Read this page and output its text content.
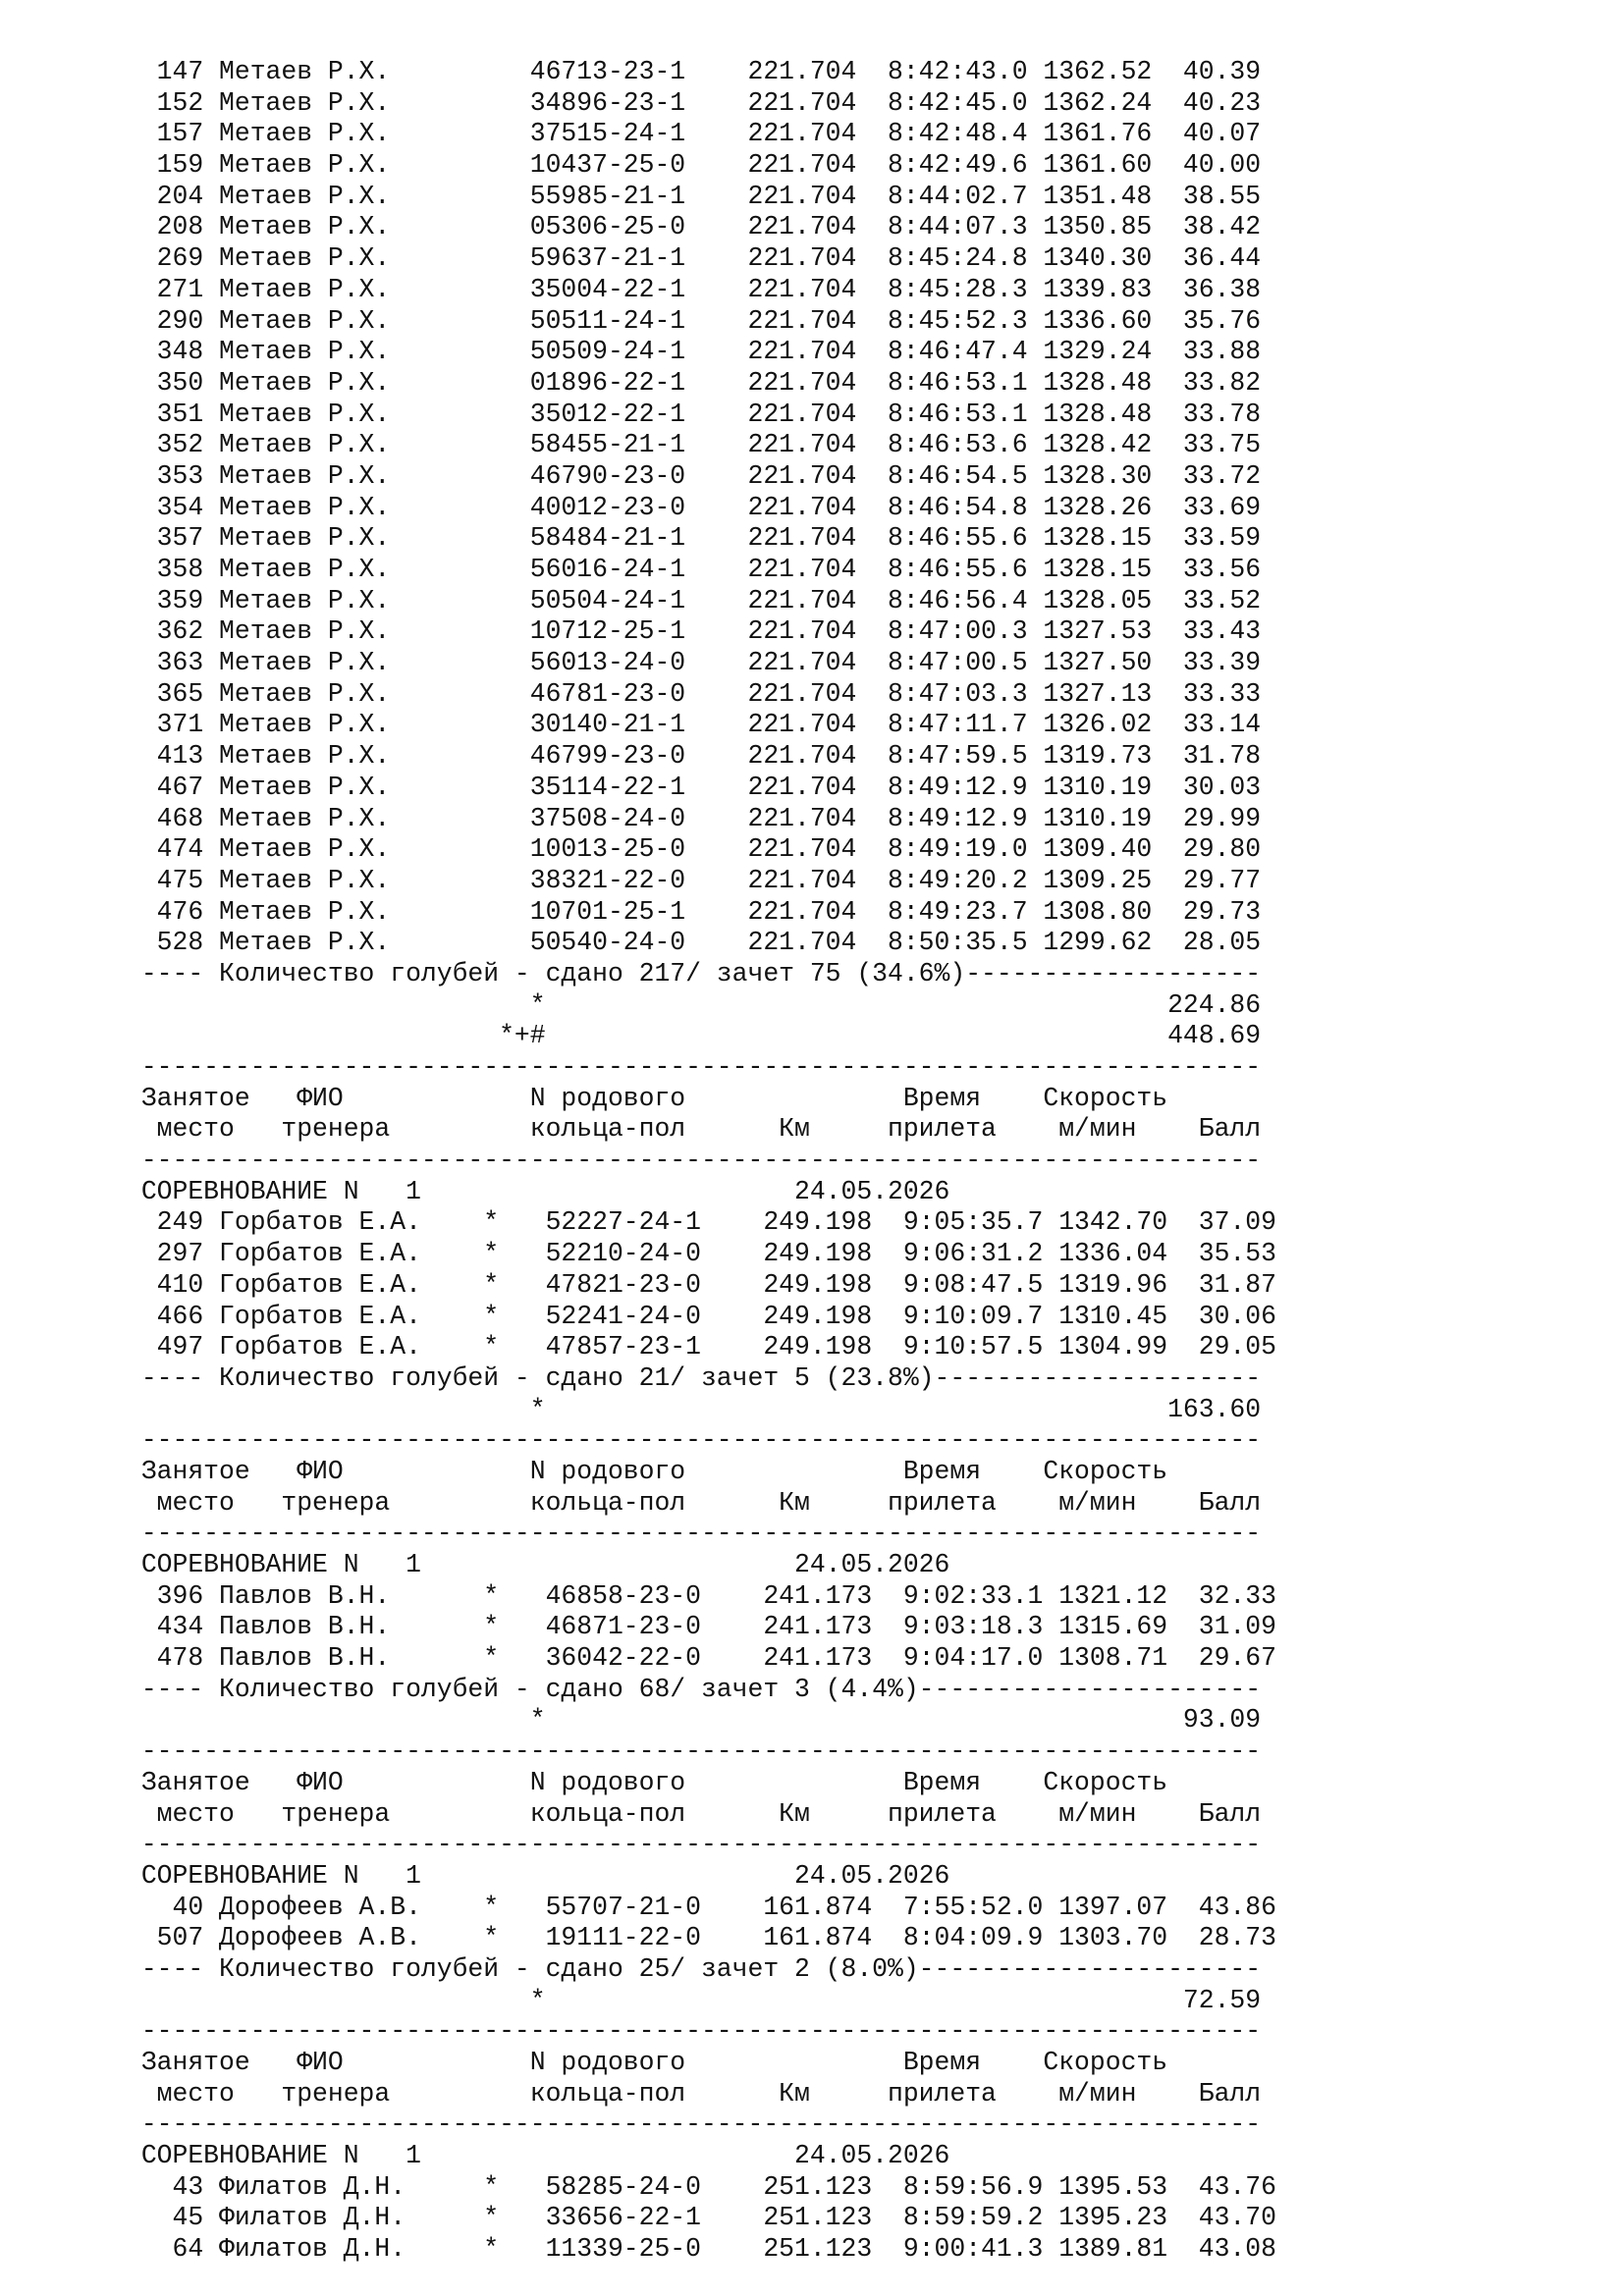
147 Метаев Р.Х.         46713-23-1    221.704  8:42:43.0 1362.52  40.39
152 Метаев Р.Х.         34896-23-1    221.704  8:42:45.0 1362.24  40.23
157 Метаев Р.Х.         37515-24-1    221.704  8:42:48.4 1361.76  40.07
159 Метаев Р.Х.         10437-25-0    221.704  8:42:49.6 1361.60  40.00
204 Метаев Р.Х.         55985-21-1    221.704  8:44:02.7 1351.48  38.55
208 Метаев Р.Х.         05306-25-0    221.704  8:44:07.3 1350.85  38.42
269 Метаев Р.Х.         59637-21-1    221.704  8:45:24.8 1340.30  36.44
271 Метаев Р.Х.         35004-22-1    221.704  8:45:28.3 1339.83  36.38
290 Метаев Р.Х.         50511-24-1    221.704  8:45:52.3 1336.60  35.76
348 Метаев Р.Х.         50509-24-1    221.704  8:46:47.4 1329.24  33.88
350 Метаев Р.Х.         01896-22-1    221.704  8:46:53.1 1328.48  33.82
351 Метаев Р.Х.         35012-22-1    221.704  8:46:53.1 1328.48  33.78
352 Метаев Р.Х.         58455-21-1    221.704  8:46:53.6 1328.42  33.75
353 Метаев Р.Х.         46790-23-0    221.704  8:46:54.5 1328.30  33.72
354 Метаев Р.Х.         40012-23-0    221.704  8:46:54.8 1328.26  33.69
357 Метаев Р.Х.         58484-21-1    221.704  8:46:55.6 1328.15  33.59
358 Метаев Р.Х.         56016-24-1    221.704  8:46:55.6 1328.15  33.56
359 Метаев Р.Х.         50504-24-1    221.704  8:46:56.4 1328.05  33.52
362 Метаев Р.Х.         10712-25-1    221.704  8:47:00.3 1327.53  33.43
363 Метаев Р.Х.         56013-24-0    221.704  8:47:00.5 1327.50  33.39
365 Метаев Р.Х.         46781-23-0    221.704  8:47:03.3 1327.13  33.33
371 Метаев Р.Х.         30140-21-1    221.704  8:47:11.7 1326.02  33.14
413 Метаев Р.Х.         46799-23-0    221.704  8:47:59.5 1319.73  31.78
467 Метаев Р.Х.         35114-22-1    221.704  8:49:12.9 1310.19  30.03
468 Метаев Р.Х.         37508-24-0    221.704  8:49:12.9 1310.19  29.99
474 Метаев Р.Х.         10013-25-0    221.704  8:49:19.0 1309.40  29.80
475 Метаев Р.Х.         38321-22-0    221.704  8:49:20.2 1309.25  29.77
476 Метаев Р.Х.         10701-25-1    221.704  8:49:23.7 1308.80  29.73
528 Метаев Р.Х.         50540-24-0    221.704  8:50:35.5 1299.62  28.05
---- Количество голубей - сдано 217/ зачет 75 (34.6%)-------------------
*                                        224.86
*+#                                        448.69
------------------------------------------------------------------------
Занятое   ФИО            N родового              Время    Скорость
место   тренера         кольца-пол      Км     прилета    м/мин    Балл
------------------------------------------------------------------------
СОРЕВНОВАНИЕ N   1                        24.05.2026
249 Горбатов Е.А.    *   52227-24-1    249.198  9:05:35.7 1342.70  37.09
297 Горбатов Е.А.    *   52210-24-0    249.198  9:06:31.2 1336.04  35.53
410 Горбатов Е.А.    *   47821-23-0    249.198  9:08:47.5 1319.96  31.87
466 Горбатов Е.А.    *   52241-24-0    249.198  9:10:09.7 1310.45  30.06
497 Горбатов Е.А.    *   47857-23-1    249.198  9:10:57.5 1304.99  29.05
---- Количество голубей - сдано 21/ зачет 5 (23.8%)---------------------
*                                        163.60
------------------------------------------------------------------------
Занятое   ФИО            N родового              Время    Скорость
место   тренера         кольца-пол      Км     прилета    м/мин    Балл
------------------------------------------------------------------------
СОРЕВНОВАНИЕ N   1                        24.05.2026
396 Павлов В.Н.      *   46858-23-0    241.173  9:02:33.1 1321.12  32.33
434 Павлов В.Н.      *   46871-23-0    241.173  9:03:18.3 1315.69  31.09
478 Павлов В.Н.      *   36042-22-0    241.173  9:04:17.0 1308.71  29.67
---- Количество голубей - сдано 68/ зачет 3 (4.4%)----------------------
*                                         93.09
------------------------------------------------------------------------
Занятое   ФИО            N родового              Время    Скорость
место   тренера         кольца-пол      Км     прилета    м/мин    Балл
------------------------------------------------------------------------
СОРЕВНОВАНИЕ N   1                        24.05.2026
40 Дорофеев А.В.    *   55707-21-0    161.874  7:55:52.0 1397.07  43.86
507 Дорофеев А.В.    *   19111-22-0    161.874  8:04:09.9 1303.70  28.73
---- Количество голубей - сдано 25/ зачет 2 (8.0%)----------------------
*                                         72.59
------------------------------------------------------------------------
Занятое   ФИО            N родового              Время    Скорость
место   тренера         кольца-пол      Км     прилета    м/мин    Балл
------------------------------------------------------------------------
СОРЕВНОВАНИЕ N   1                        24.05.2026
43 Филатов Д.Н.     *   58285-24-0    251.123  8:59:56.9 1395.53  43.76
45 Филатов Д.Н.     *   33656-22-1    251.123  8:59:59.2 1395.23  43.70
64 Филатов Д.Н.     *   11339-25-0    251.123  9:00:41.3 1389.81  43.08
